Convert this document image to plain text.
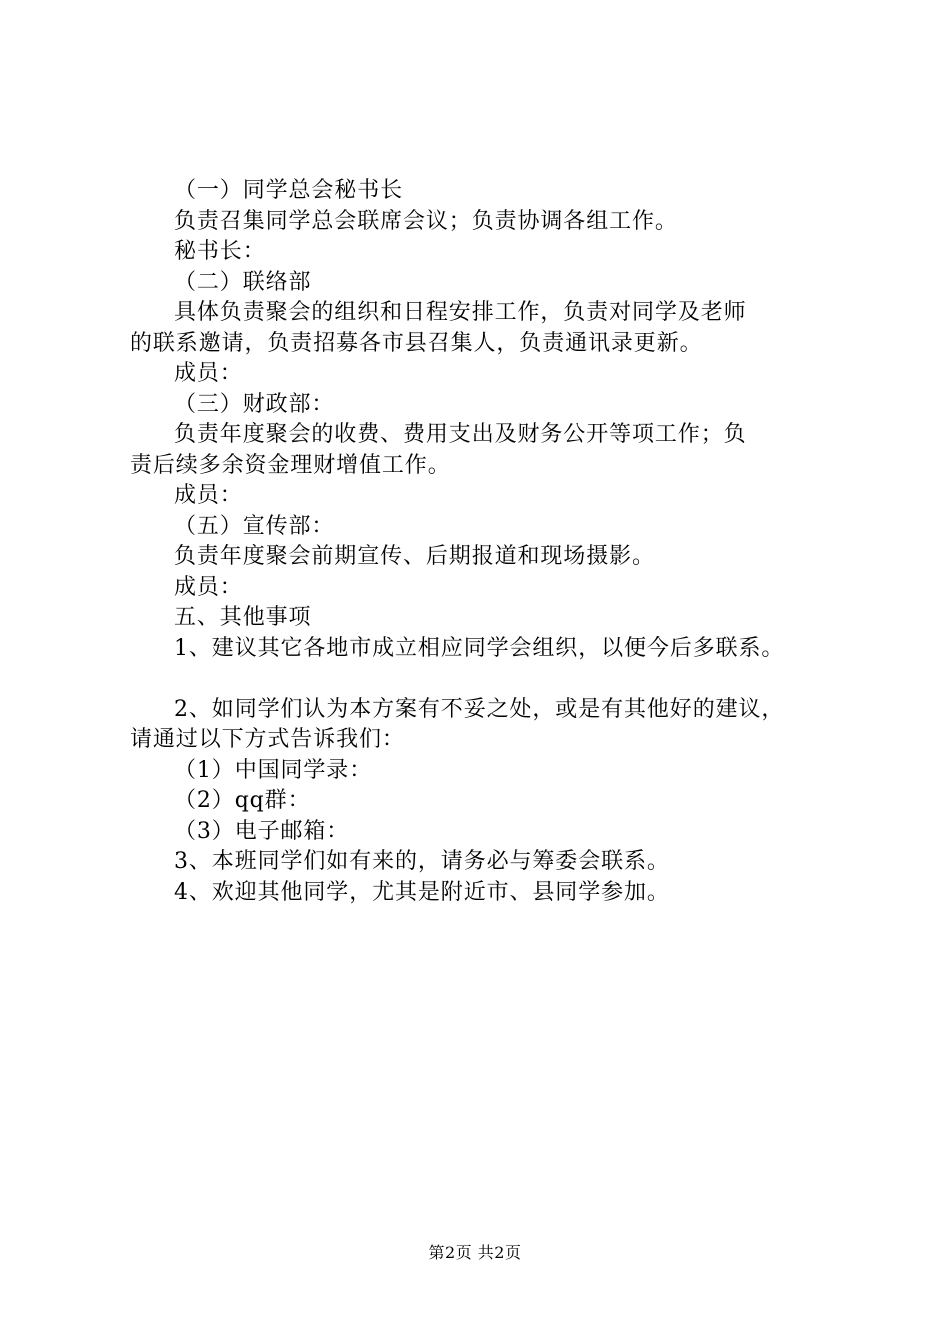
（一）同学总会秘书长

负责召集同学总会联席会议；负责协调各组工作。

秘书长：

（二）联络部

具体负责聚会的组织和日程安排工作，负责对同学及老师

的联系邀请，负责招募各市县召集人，负责通讯录更新。

成员：

（三）财政部：

负责年度聚会的收费、费用支出及财务公开等项工作；负

责后续多余资金理财增值工作。

成员：

（五）宣传部：

负责年度聚会前期宣传、后期报道和现场摄影。

成员：

五、其他事项

1、建议其它各地市成立相应同学会组织，以便今后多联系。

2、如同学们认为本方案有不妥之处，或是有其他好的建议，

请通过以下方式告诉我们：

（1）中国同学录：

（2）qq群：

（3）电子邮箱：

3、本班同学们如有来的，请务必与筹委会联系。

4、欢迎其他同学，尤其是附近市、县同学参加。

第2页 共2页
